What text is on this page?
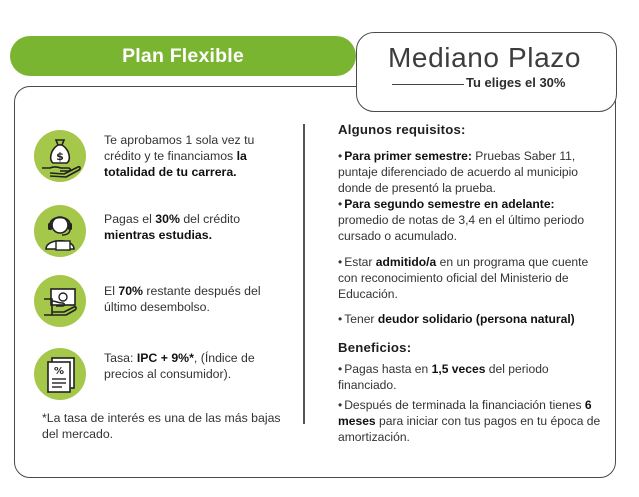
Plan Flexible	Mediano Plazo
Tu eliges el 30%
$
Te aprobamos 1 sola vez tu crédito y te financiamos la totalidad de tu carrera.
Pagas el 30% del crédito mientras estudias.
El 70% restante después del último desembolso.
%
Tasa: IPC + 9%*, (Índice de precios al consumidor).
*La tasa de interés es una de las más bajas del mercado.
Algunos requisitos:
• Para primer semestre: Pruebas Saber 11, puntaje diferenciado de acuerdo al municipio donde de presentó la prueba.
• Para segundo semestre en adelante: promedio de notas de 3,4 en el último periodo cursado o acumulado.
• Estar admitido/a en un programa que cuente con reconocimiento oficial del Ministerio de Educación.
• Tener deudor solidario (persona natural)
Beneficios:
• Pagas hasta en 1,5 veces del periodo financiado.
• Después de terminada la financiación tienes 6 meses para iniciar con tus pagos en tu época de amortización.
